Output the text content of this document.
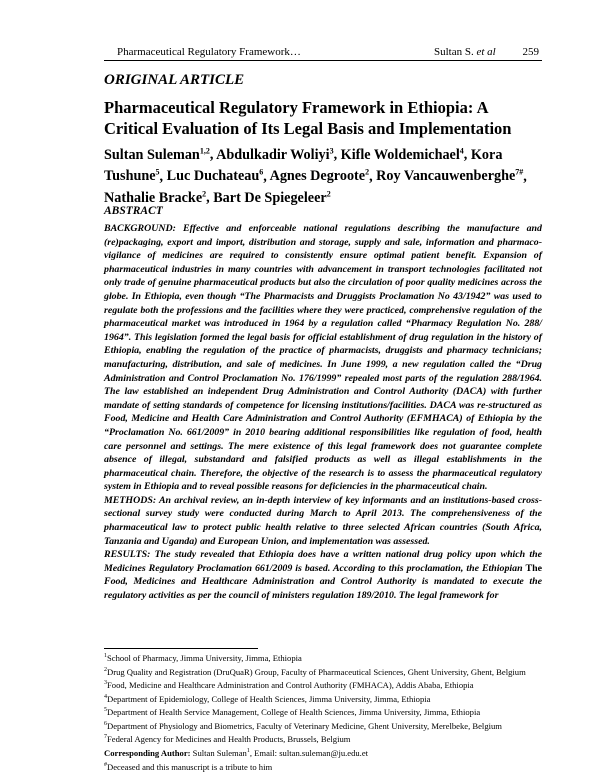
Pharmaceutical Regulatory Framework…	Sultan S. et al 259
ORIGINAL ARTICLE
Pharmaceutical Regulatory Framework in Ethiopia: A Critical Evaluation of Its Legal Basis and Implementation
Sultan Suleman$^{1,2}$, Abdulkadir Woliyi$^3$, Kifle Woldemichael$^4$, Kora Tushune$^5$, Luc Duchateau$^6$, Agnes Degroote$^2$, Roy Vancauwenberghe$^{7\#}$, Nathalie Bracke$^2$, Bart De Spiegeleer$^2$
ABSTRACT

BACKGROUND: Effective and enforceable national regulations describing the manufacture and (re)packaging, export and import, distribution and storage, supply and sale, information and pharmaco-vigilance of medicines are required to consistently ensure optimal patient benefit. Expansion of pharmaceutical industries in many countries with advancement in transport technologies facilitated not only trade of genuine pharmaceutical products but also the circulation of poor quality medicines across the globe. In Ethiopia, even though “The Pharmacists and Druggists Proclamation No 43/1942” was used to regulate both the professions and the facilities where they were practiced, comprehensive regulation of the pharmaceutical market was introduced in 1964 by a regulation called “Pharmacy Regulation No. 288/ 1964”. This legislation formed the legal basis for official establishment of drug regulation in the history of Ethiopia, enabling the regulation of the practice of pharmacists, druggists and pharmacy technicians; manufacturing, distribution, and sale of medicines. In June 1999, a new regulation called the “Drug Administration and Control Proclamation No. 176/1999” repealed most parts of the regulation 288/1964. The law established an independent Drug Administration and Control Authority (DACA) with further mandate of setting standards of competence for licensing institutions/facilities. DACA was re-structured as Food, Medicine and Health Care Administration and Control Authority (EFMHACA) of Ethiopia by the “Proclamation No. 661/2009” in 2010 bearing additional responsibilities like regulation of food, health care personnel and settings. The mere existence of this legal framework does not guarantee complete absence of illegal, substandard and falsified products as well as illegal establishments in the pharmaceutical chain. Therefore, the objective of the research is to assess the pharmaceutical regulatory system in Ethiopia and to reveal possible reasons for deficiencies in the pharmaceutical chain.

METHODS: An archival review, an in-depth interview of key informants and an institutions-based cross-sectional survey study were conducted during March to April 2013. The comprehensiveness of the pharmaceutical law to protect public health relative to three selected African countries (South Africa, Tanzania and Uganda) and European Union, and implementation was assessed.

RESULTS: The study revealed that Ethiopia does have a written national drug policy upon which the Medicines Regulatory Proclamation 661/2009 is based. According to this proclamation, the Ethiopian The Food, Medicines and Healthcare Administration and Control Authority is mandated to execute the regulatory activities as per the council of ministers regulation 189/2010. The legal framework for

$^1$School of Pharmacy, Jimma University, Jimma, Ethiopia
$^2$Drug Quality and Registration (DruQuaR) Group, Faculty of Pharmaceutical Sciences, Ghent University, Ghent, Belgium
$^3$Food, Medicine and Healthcare Administration and Control Authority (FMHACA), Addis Ababa, Ethiopia
$^4$Department of Epidemiology, College of Health Sciences, Jimma University, Jimma, Ethiopia
$^5$Department of Health Service Management, College of Health Sciences, Jimma University, Jimma, Ethiopia
$^6$Department of Physiology and Biometrics, Faculty of Veterinary Medicine, Ghent University, Merelbeke, Belgium
$^7$Federal Agency for Medicines and Health Products, Brussels, Belgium
Corresponding Author: Sultan Suleman$^1$, Email: sultan.suleman@ju.edu.et
#Deceased and this manuscript is a tribute to him
